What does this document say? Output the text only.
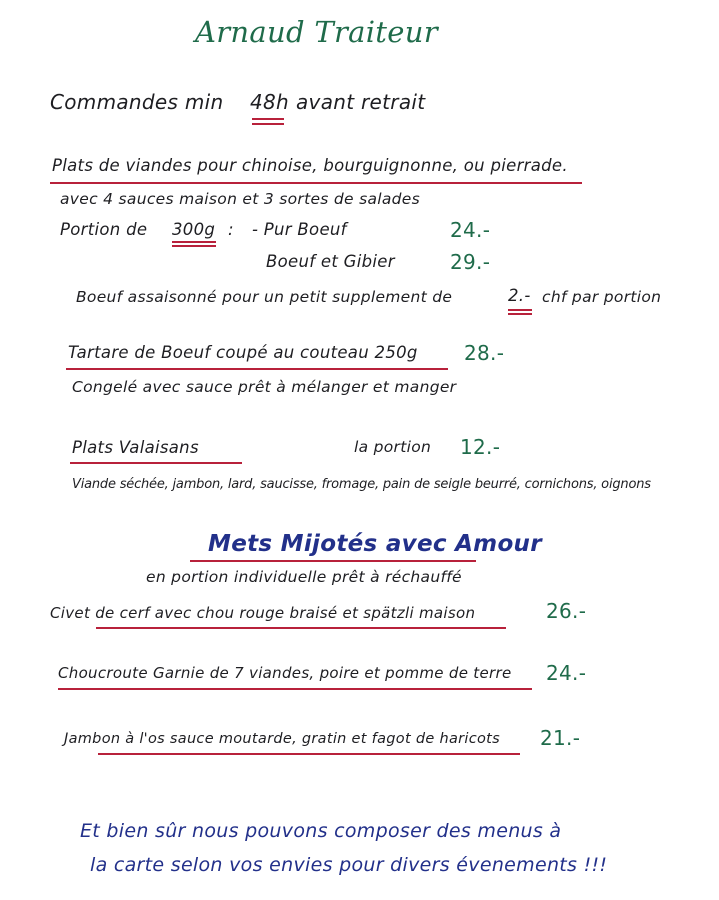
Arnaud Traiteur
Commandes min 48h avant retrait
Plats de viandes pour chinoise, bourguignonne, ou pierrade.
avec 4 sauces maison et 3 sortes de salades
Portion de 300g : - Pur Boeuf	24.-
Boeuf et Gibier	29.-
Boeuf assaisonné pour un petit supplement de	2.- chf par portion
Tartare de Boeuf coupé au couteau 250g 28.-
Congelé avec sauce prêt à mélanger et manger
Plats Valaisans	la portion 12.-
Viande séchée, jambon, lard, saucisse, fromage, pain de seigle beurré, cornichons, oignons
Mets Mijotés avec Amour
en portion individuelle prêt à réchauffé
Civet de cerf avec chou rouge braisé et spätzli maison	26.-
Choucroute Garnie de 7 viandes, poire et pomme de terre 24.-
Jambon à l'os sauce moutarde, gratin et fagot de haricots 21.-
Et bien sûr nous pouvons composer des menus à
la carte selon vos envies pour divers évenements !!!
